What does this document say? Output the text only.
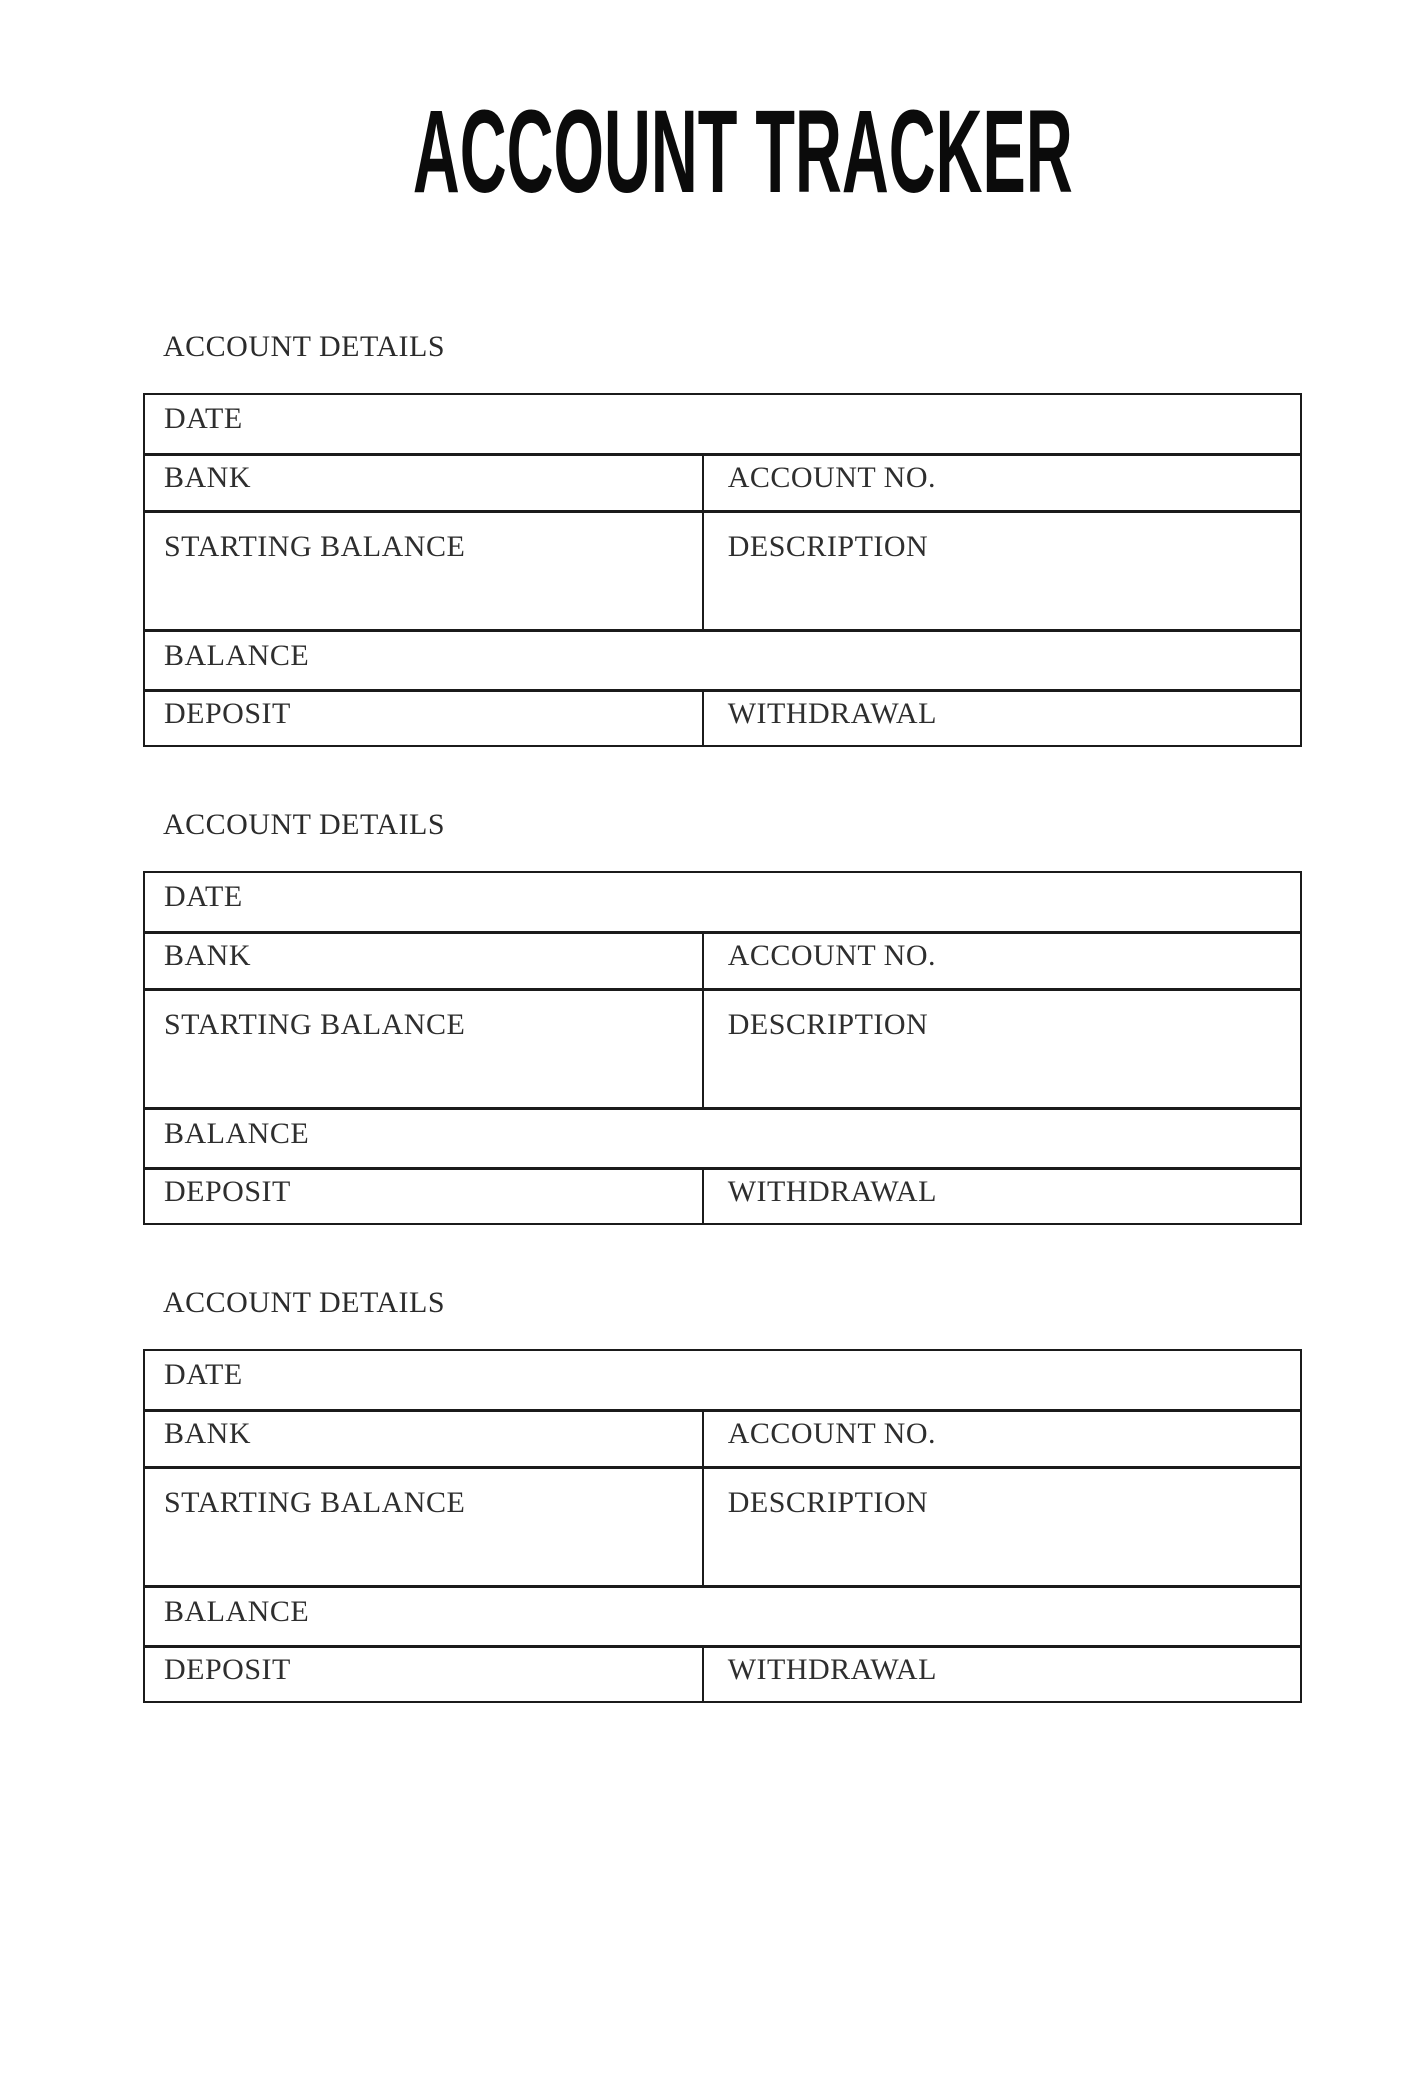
ACCOUNT TRACKER
ACCOUNT DETAILS
DATE
BANK	ACCOUNT NO.
STARTING BALANCE	DESCRIPTION
BALANCE
DEPOSIT	WITHDRAWAL
ACCOUNT DETAILS
DATE
BANK	ACCOUNT NO.
STARTING BALANCE	DESCRIPTION
BALANCE
DEPOSIT	WITHDRAWAL
ACCOUNT DETAILS
DATE
BANK	ACCOUNT NO.
STARTING BALANCE	DESCRIPTION
BALANCE
DEPOSIT	WITHDRAWAL
